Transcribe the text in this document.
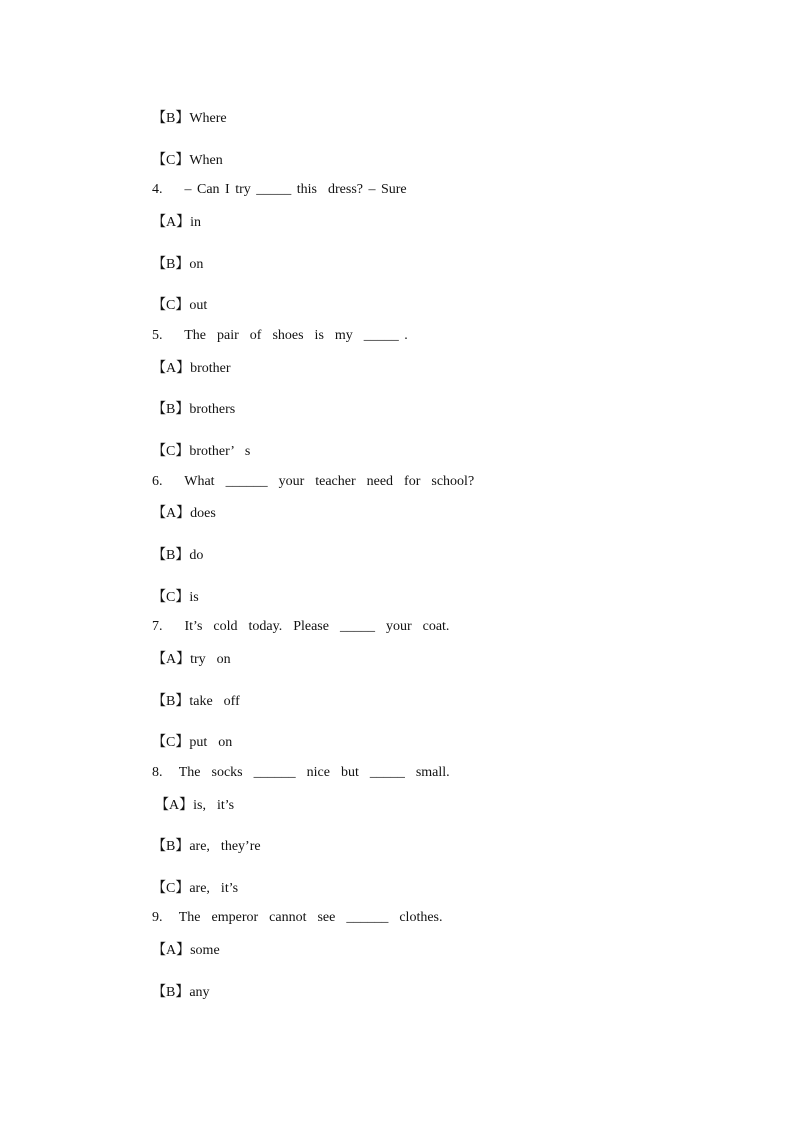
【B】Where
【C】When
4.    – Can I try _____ this  dress? – Sure
【A】in
【B】on
【C】out
5.    The  pair  of  shoes  is  my  _____ .
【A】brother
【B】brothers
【C】brother’  s
6.    What  ______  your  teacher  need  for  school?
【A】does
【B】do
【C】is
7.    It’s  cold  today.  Please  _____  your  coat.
【A】try  on
【B】take  off
【C】put  on
8.   The  socks  ______  nice  but  _____  small.
【A】is,  it’s
【B】are,  they’re
【C】are,  it’s
9.   The  emperor  cannot  see  ______  clothes.
【A】some
【B】any
